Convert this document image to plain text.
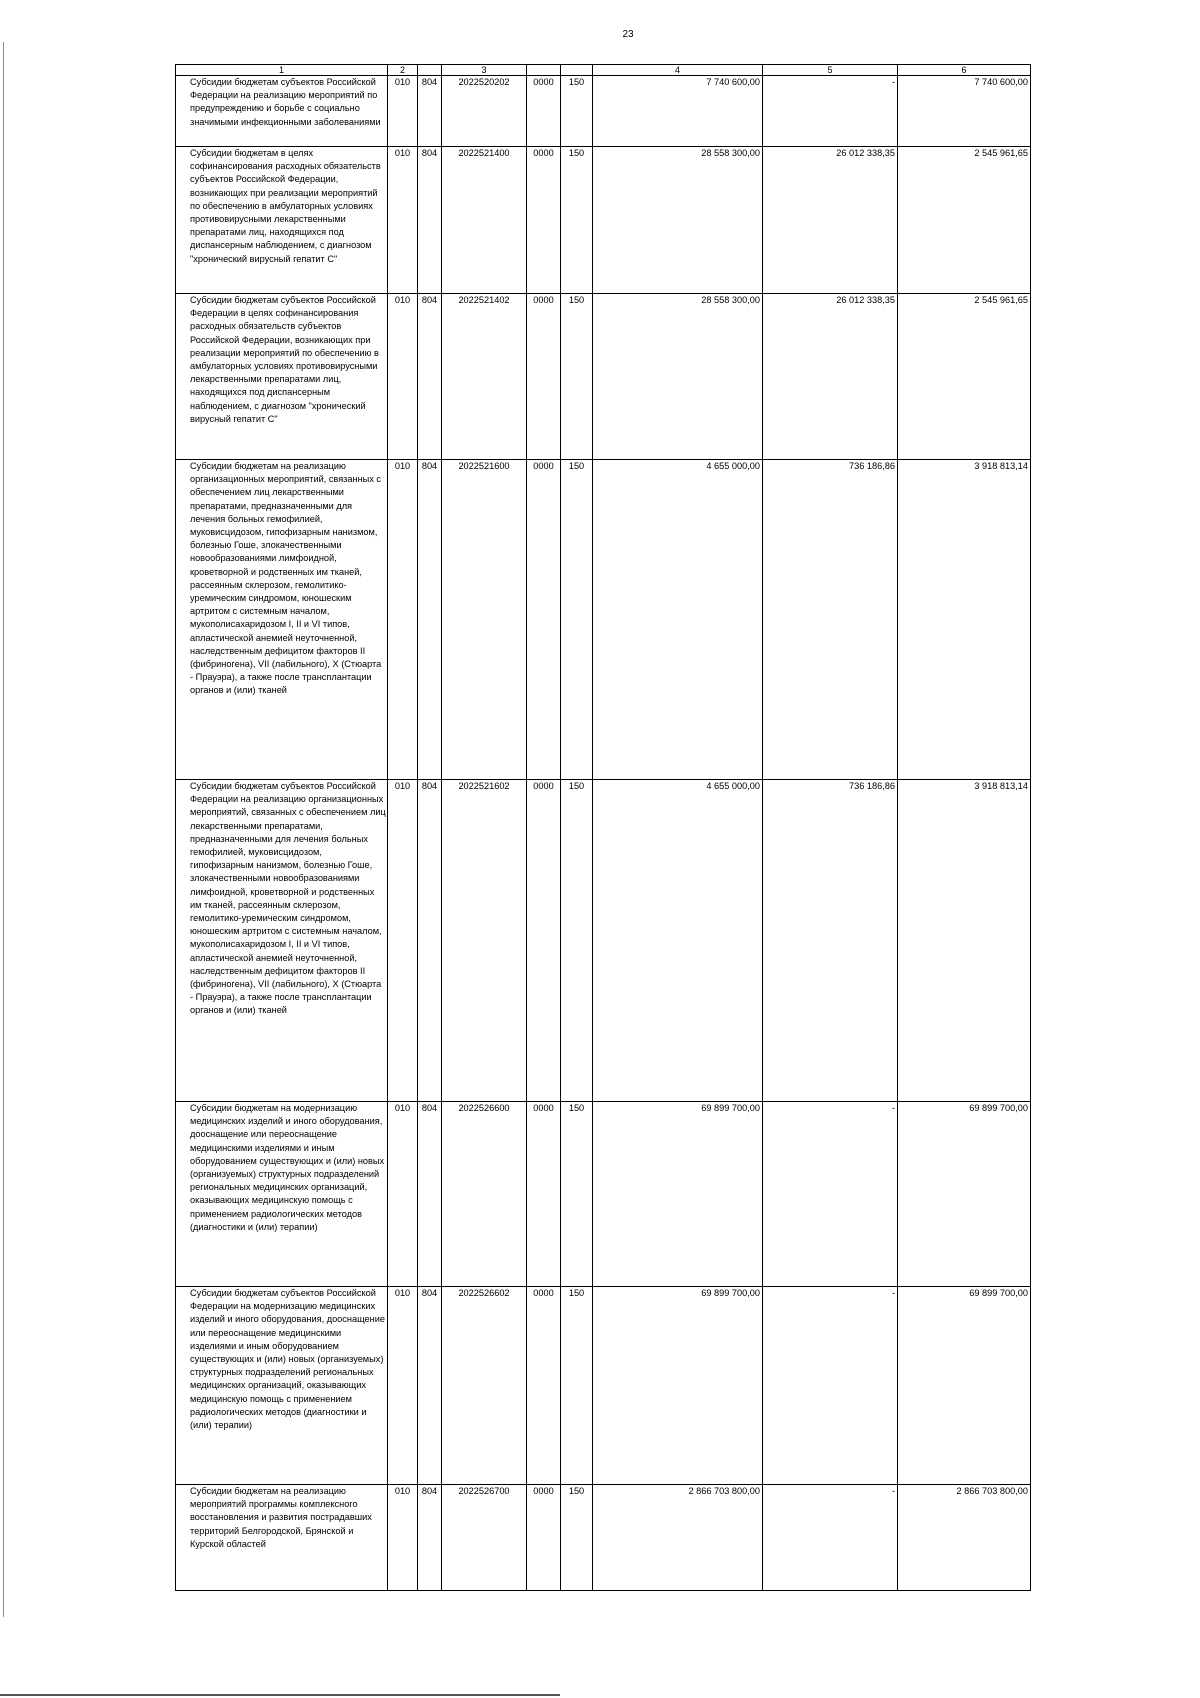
23
1	2		3			4	5	6
Субсидии бюджетам субъектов Российской Федерации на реализацию мероприятий по предупреждению и борьбе с социально значимыми инфекционными заболеваниями	010	804	2022520202	0000	150	7 740 600,00	-	7 740 600,00
Субсидии бюджетам в целях софинансирования расходных обязательств субъектов Российской Федерации, возникающих при реализации мероприятий по обеспечению в амбулаторных условиях противовирусными лекарственными препаратами лиц, находящихся под диспансерным наблюдением, с диагнозом "хронический вирусный гепатит С"	010	804	2022521400	0000	150	28 558 300,00	26 012 338,35	2 545 961,65
Субсидии бюджетам субъектов Российской Федерации в целях софинансирования расходных обязательств субъектов Российской Федерации, возникающих при реализации мероприятий по обеспечению в амбулаторных условиях противовирусными лекарственными препаратами лиц, находящихся под диспансерным наблюдением, с диагнозом "хронический вирусный гепатит С"	010	804	2022521402	0000	150	28 558 300,00	26 012 338,35	2 545 961,65
Субсидии бюджетам на реализацию организационных мероприятий, связанных с обеспечением лиц лекарственными препаратами, предназначенными для лечения больных гемофилией, муковисцидозом, гипофизарным нанизмом, болезнью Гоше, злокачественными новообразованиями лимфоидной, кроветворной и родственных им тканей, рассеянным склерозом, гемолитико-уремическим синдромом, юношеским артритом с системным началом, мукополисахаридозом I, II и VI типов, апластической анемией неуточненной, наследственным дефицитом факторов II (фибриногена), VII (лабильного), X (Стюарта - Прауэра), а также после трансплантации органов и (или) тканей	010	804	2022521600	0000	150	4 655 000,00	736 186,86	3 918 813,14
Субсидии бюджетам субъектов Российской Федерации на реализацию организационных мероприятий, связанных с обеспечением лиц лекарственными препаратами, предназначенными для лечения больных гемофилией, муковисцидозом, гипофизарным нанизмом, болезнью Гоше, злокачественными новообразованиями лимфоидной, кроветворной и родственных им тканей, рассеянным склерозом, гемолитико-уремическим синдромом, юношеским артритом с системным началом, мукополисахаридозом I, II и VI типов, апластической анемией неуточненной, наследственным дефицитом факторов II (фибриногена), VII (лабильного), X (Стюарта - Прауэра), а также после трансплантации органов и (или) тканей	010	804	2022521602	0000	150	4 655 000,00	736 186,86	3 918 813,14
Субсидии бюджетам на модернизацию медицинских изделий и иного оборудования, дооснащение или переоснащение медицинскими изделиями и иным оборудованием существующих и (или) новых (организуемых) структурных подразделений региональных медицинских организаций, оказывающих медицинскую помощь с применением радиологических методов (диагностики и (или) терапии)	010	804	2022526600	0000	150	69 899 700,00	-	69 899 700,00
Субсидии бюджетам субъектов Российской Федерации на модернизацию медицинских изделий и иного оборудования, дооснащение или переоснащение медицинскими изделиями и иным оборудованием существующих и (или) новых (организуемых) структурных подразделений региональных медицинских организаций, оказывающих медицинскую помощь с применением радиологических методов (диагностики и (или) терапии)	010	804	2022526602	0000	150	69 899 700,00	-	69 899 700,00
Субсидии бюджетам на реализацию мероприятий программы комплексного восстановления и развития пострадавших территорий Белгородской, Брянской и Курской областей	010	804	2022526700	0000	150	2 866 703 800,00	-	2 866 703 800,00
